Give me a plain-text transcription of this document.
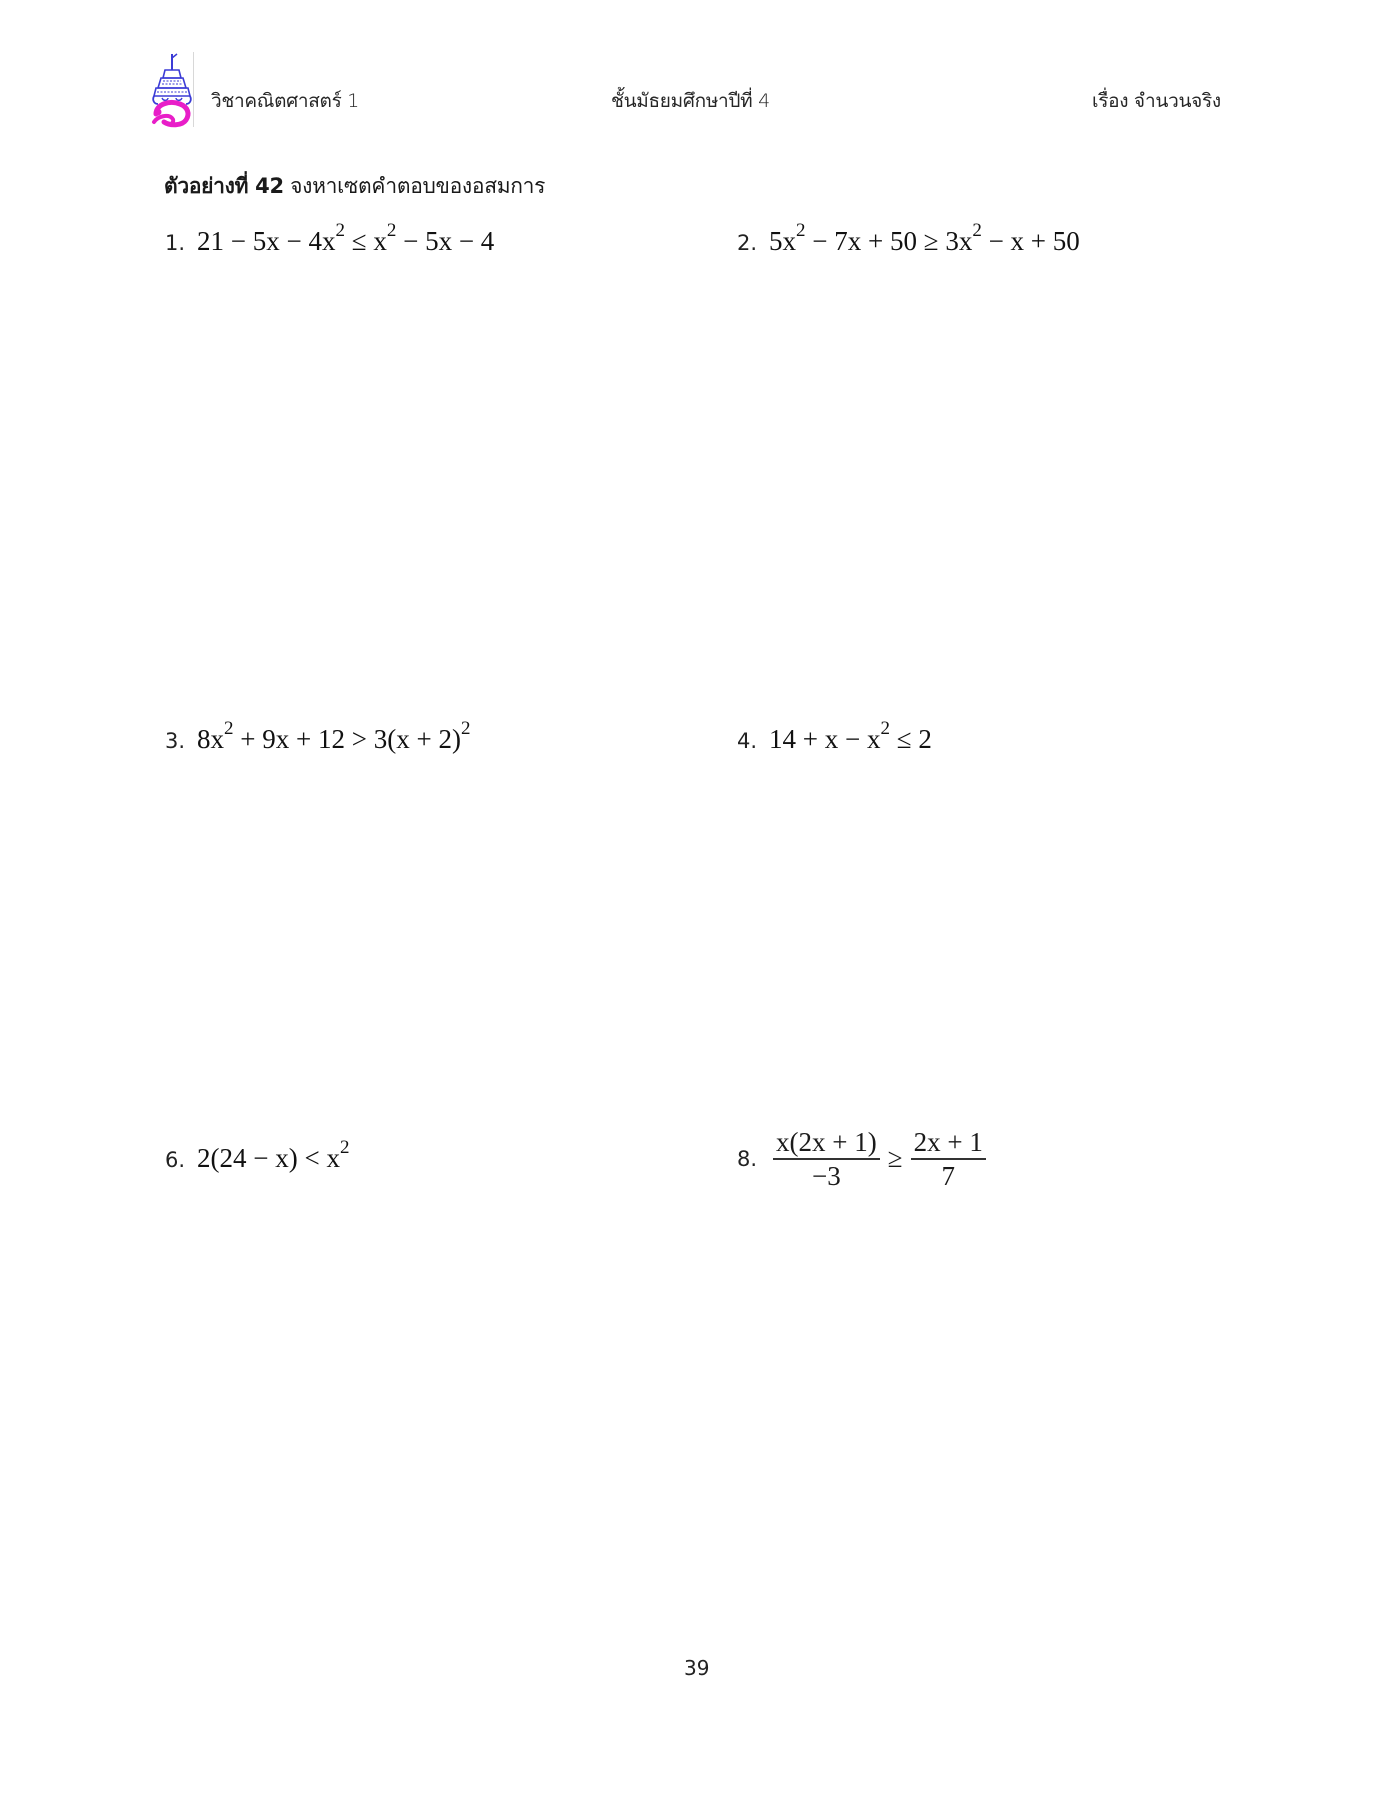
วิชาคณิตศาสตร์ 1	ชั้นมัธยมศึกษาปีที่ 4	เรื่อง จำนวนจริง
ตัวอย่างที่ 42 จงหาเซตคำตอบของอสมการ
1. $21 - 5x - 4x^2 \le x^2 - 5x - 4$	2. $5x^2 - 7x + 50 \ge 3x^2 - x + 50$
3. $8x^2 + 9x + 12 > 3(x + 2)^2$
4. $14 + x - x^2 \le 2$
6. $2(24 - x) < x^2$	8. $\frac{x(2x + 1)}{-3} \ge \frac{2x + 1}{7}$
39
